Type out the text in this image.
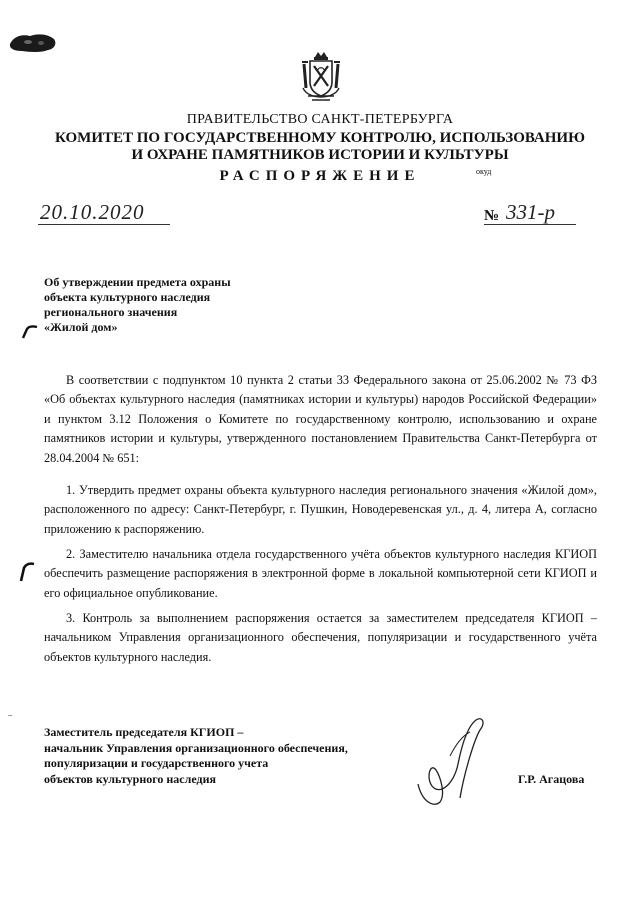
ПРАВИТЕЛЬСТВО САНКТ-ПЕТЕРБУРГА
КОМИТЕТ ПО ГОСУДАРСТВЕННОМУ КОНТРОЛЮ, ИСПОЛЬЗОВАНИЮ
И ОХРАНЕ ПАМЯТНИКОВ ИСТОРИИ И КУЛЬТУРЫ
РАСПОРЯЖЕНИЕ	окуд
20.10.2020	№ 331-р
Об утверждении предмета охраны
объекта культурного наследия
регионального значения
«Жилой дом»
В соответствии с подпунктом 10 пункта 2 статьи 33 Федерального закона от 25.06.2002 № 73 ФЗ «Об объектах культурного наследия (памятниках истории и культуры) народов Российской Федерации» и пунктом 3.12 Положения о Комитете по государственному контролю, использованию и охране памятников истории и культуры, утвержденного постановлением Правительства Санкт-Петербурга от 28.04.2004 № 651:
1. Утвердить предмет охраны объекта культурного наследия регионального значения «Жилой дом», расположенного по адресу: Санкт-Петербург, г. Пушкин, Новодеревенская ул., д. 4, литера А, согласно приложению к распоряжению.
2. Заместителю начальника отдела государственного учёта объектов культурного наследия КГИОП обеспечить размещение распоряжения в электронной форме в локальной компьютерной сети КГИОП и его официальное опубликование.
3. Контроль за выполнением распоряжения остается за заместителем председателя КГИОП – начальником Управления организационного обеспечения, популяризации и государственного учёта объектов культурного наследия.
Заместитель председателя КГИОП –
начальник Управления организационного обеспечения,
популяризации и государственного учета
объектов культурного наследия	Г.Р. Агацова
